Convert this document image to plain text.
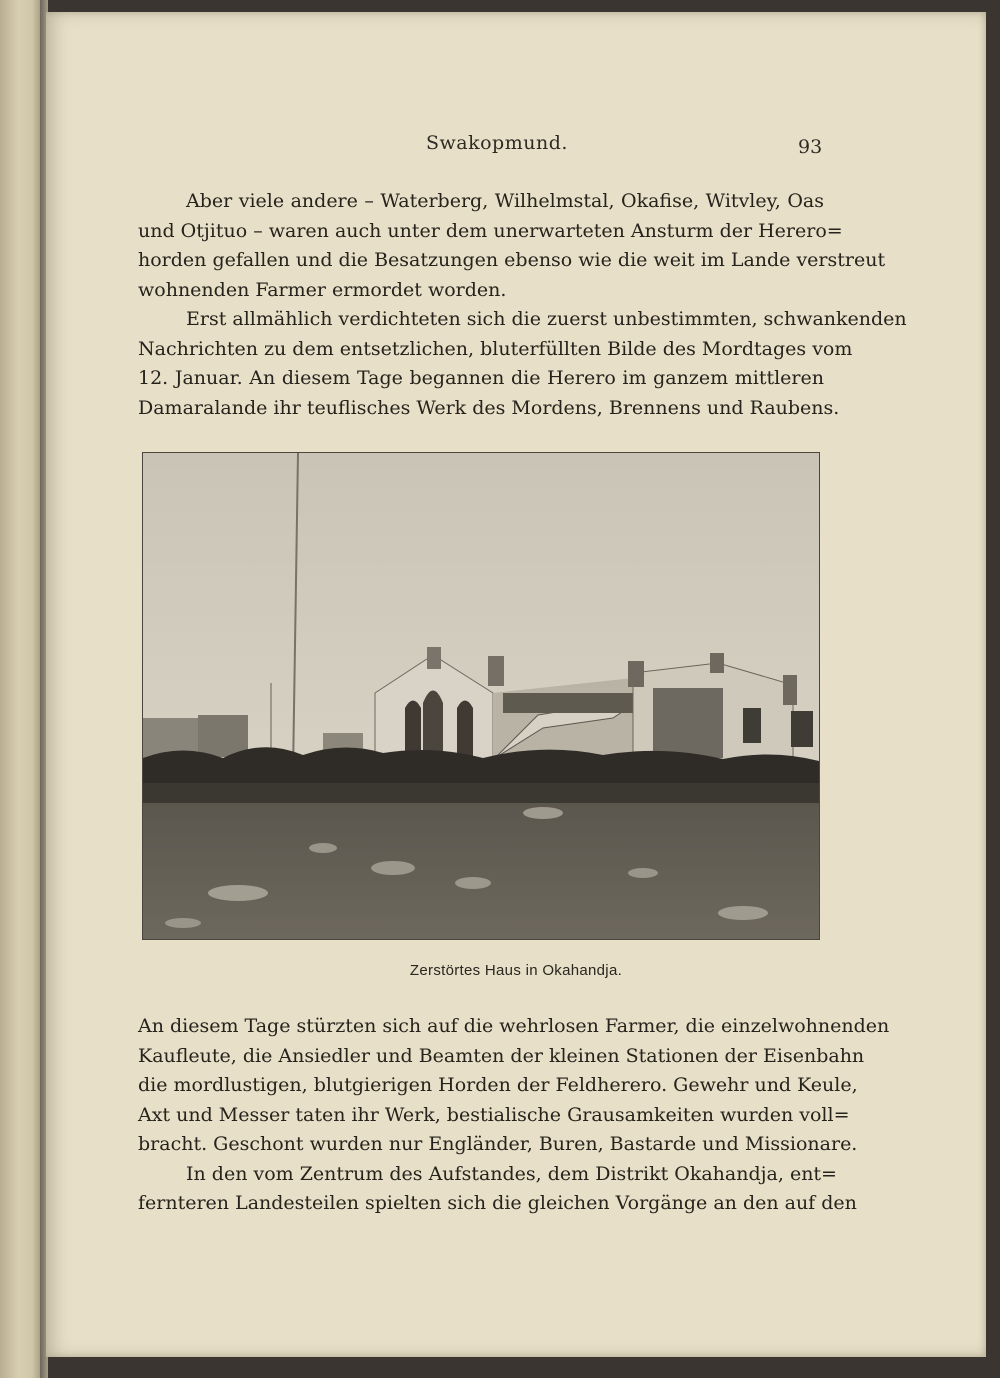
Swakopmund.	93
Aber viele andere – Waterberg, Wilhelmstal, Okafise, Witvley, Oas
und Otjituo – waren auch unter dem unerwarteten Ansturm der Herero=
horden gefallen und die Besatzungen ebenso wie die weit im Lande verstreut
wohnenden Farmer ermordet worden.
Erst allmählich verdichteten sich die zuerst unbestimmten, schwankenden
Nachrichten zu dem entsetzlichen, bluterfüllten Bilde des Mordtages vom
12. Januar. An diesem Tage begannen die Herero im ganzem mittleren
Damaralande ihr teuflisches Werk des Mordens, Brennens und Raubens.
Zerstörtes Haus in Okahandja.
An diesem Tage stürzten sich auf die wehrlosen Farmer, die einzelwohnenden
Kaufleute, die Ansiedler und Beamten der kleinen Stationen der Eisenbahn
die mordlustigen, blutgierigen Horden der Feldherero. Gewehr und Keule,
Axt und Messer taten ihr Werk, bestialische Grausamkeiten wurden voll=
bracht. Geschont wurden nur Engländer, Buren, Bastarde und Missionare.
In den vom Zentrum des Aufstandes, dem Distrikt Okahandja, ent=
fernteren Landesteilen spielten sich die gleichen Vorgänge an den auf den
